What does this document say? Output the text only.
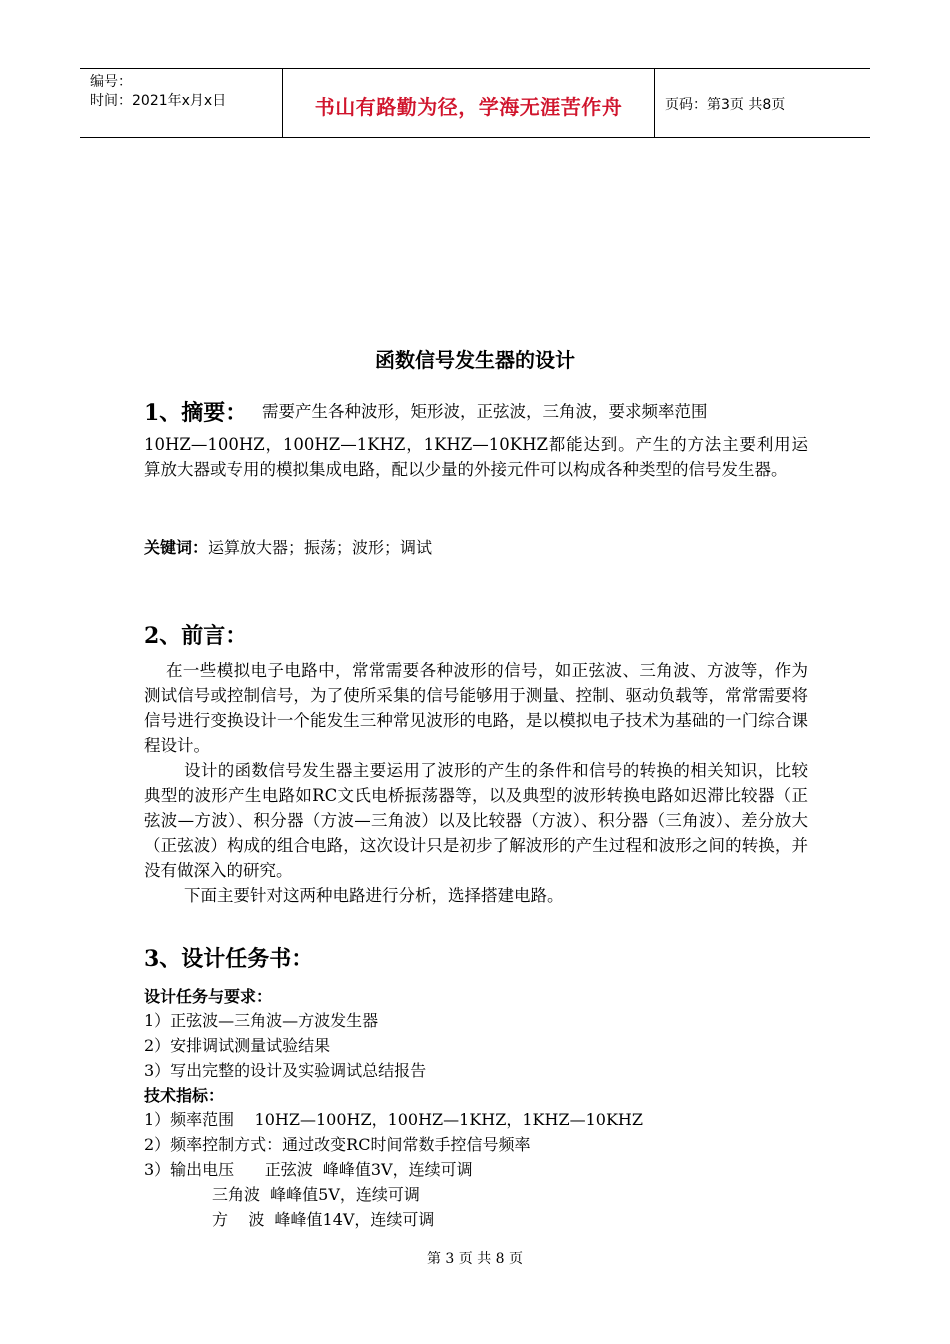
编号：
时间：2021年x月x日	书山有路勤为径，学海无涯苦作舟	页码：第3页 共8页
函数信号发生器的设计
1、摘要： 需要产生各种波形，矩形波，正弦波，三角波，要求频率范围
10HZ—100HZ，100HZ—1KHZ，1KHZ—10KHZ都能达到。产生的方法主要利用运算放大器或专用的模拟集成电路，配以少量的外接元件可以构成各种类型的信号发生器。
关键词：运算放大器；振荡；波形；调试
2、前言：
在一些模拟电子电路中，常常需要各种波形的信号，如正弦波、三角波、方波等，作为测试信号或控制信号，为了使所采集的信号能够用于测量、控制、驱动负载等，常常需要将信号进行变换设计一个能发生三种常见波形的电路，是以模拟电子技术为基础的一门综合课程设计。
设计的函数信号发生器主要运用了波形的产生的条件和信号的转换的相关知识，比较典型的波形产生电路如RC文氏电桥振荡器等，以及典型的波形转换电路如迟滞比较器（正弦波—方波）、积分器（方波—三角波）以及比较器（方波）、积分器（三角波）、差分放大（正弦波）构成的组合电路，这次设计只是初步了解波形的产生过程和波形之间的转换，并没有做深入的研究。
下面主要针对这两种电路进行分析，选择搭建电路。
3、设计任务书：
设计任务与要求：
1）正弦波—三角波—方波发生器
2）安排调试测量试验结果
3）写出完整的设计及实验调试总结报告
技术指标：
1）频率范围    10HZ—100HZ，100HZ—1KHZ，1KHZ—10KHZ
2）频率控制方式：通过改变RC时间常数手控信号频率
3）输出电压      正弦波  峰峰值3V，连续可调
三角波  峰峰值5V，连续可调
方    波  峰峰值14V，连续可调
第 3 页 共 8 页
